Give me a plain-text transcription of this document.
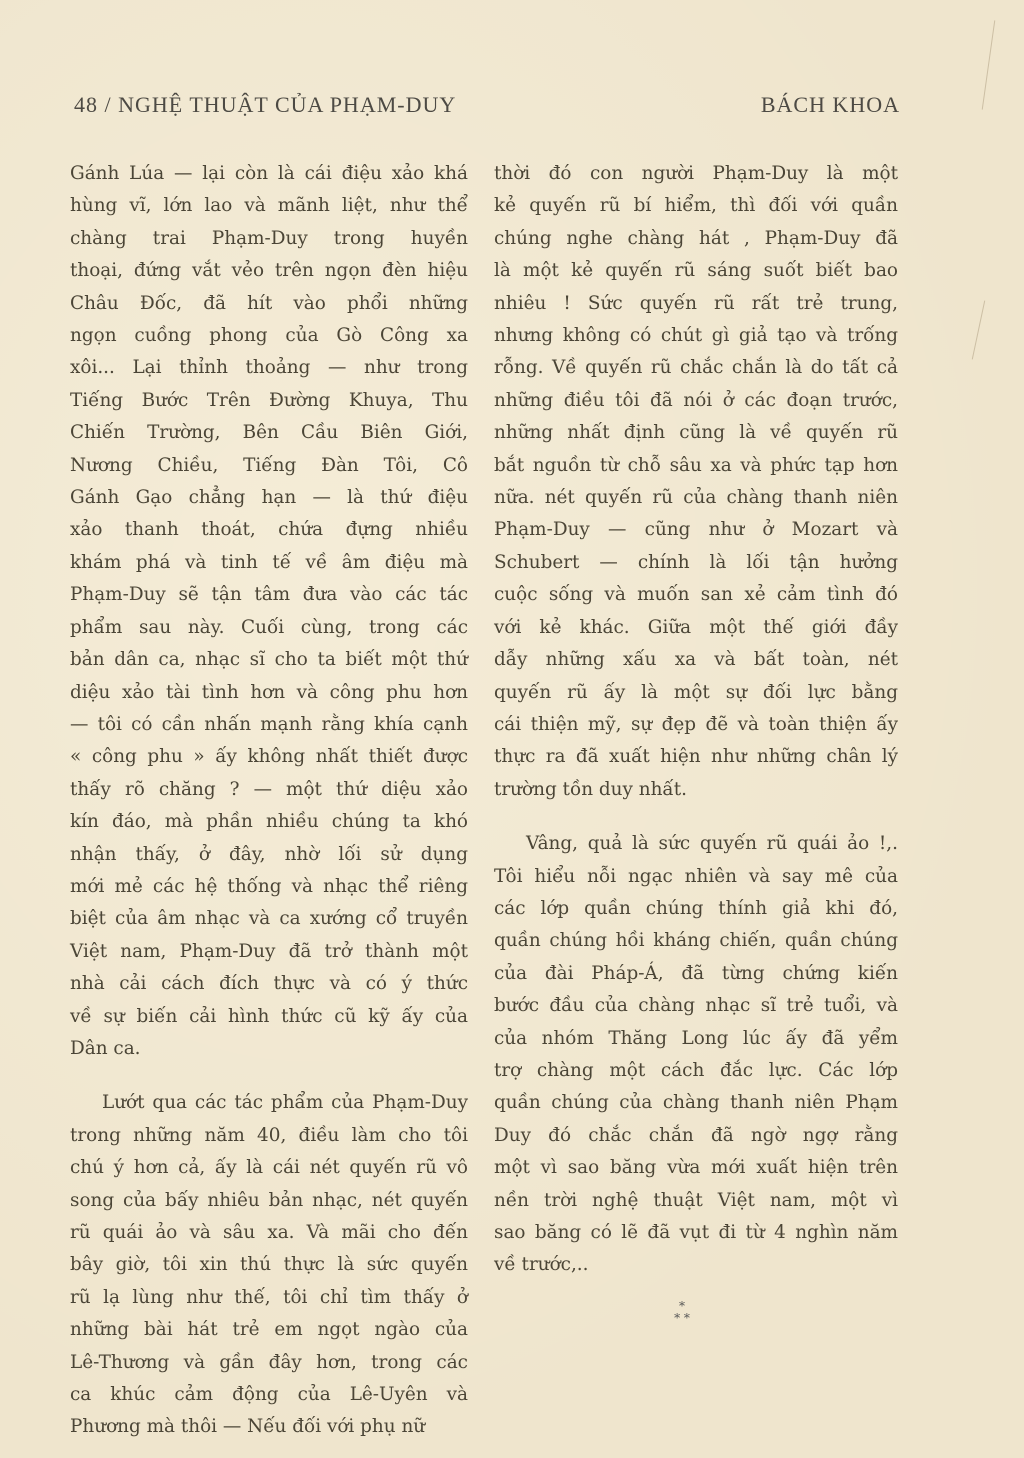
48 / NGHỆ THUẬT CỦA PHẠM-DUY	BÁCH KHOA

Gánh Lúa — lại còn là cái điệu xảo khá
hùng vĩ, lớn lao và mãnh liệt, như thể
chàng trai Phạm-Duy trong huyền
thoại, đứng vắt vẻo trên ngọn đèn hiệu
Châu Đốc, đã hít vào phổi những
ngọn cuồng phong của Gò Công xa
xôi... Lại thỉnh thoảng — như trong
Tiếng Bước Trên Đường Khuya, Thu
Chiến Trường, Bên Cầu Biên Giới,
Nương Chiều, Tiếng Đàn Tôi, Cô
Gánh Gạo chẳng hạn — là thứ điệu
xảo thanh thoát, chứa đựng nhiều
khám phá và tinh tế về âm điệu mà
Phạm-Duy sẽ tận tâm đưa vào các tác
phẩm sau này. Cuối cùng, trong các
bản dân ca, nhạc sĩ cho ta biết một thứ
diệu xảo tài tình hơn và công phu hơn
— tôi có cần nhấn mạnh rằng khía cạnh
« công phu » ấy không nhất thiết được
thấy rõ chăng ? — một thứ diệu xảo
kín đáo, mà phần nhiều chúng ta khó
nhận thấy, ở đây, nhờ lối sử dụng
mới mẻ các hệ thống và nhạc thể riêng
biệt của âm nhạc và ca xướng cổ truyền
Việt nam, Phạm-Duy đã trở thành một
nhà cải cách đích thực và có ý thức
về sự biến cải hình thức cũ kỹ ấy của
Dân ca.

Lướt qua các tác phẩm của Phạm-Duy
trong những năm 40, điều làm cho tôi
chú ý hơn cả, ấy là cái nét quyến rũ vô
song của bấy nhiêu bản nhạc, nét quyến
rũ quái ảo và sâu xa. Và mãi cho đến
bây giờ, tôi xin thú thực là sức quyến
rũ lạ lùng như thế, tôi chỉ tìm thấy ở
những bài hát trẻ em ngọt ngào của
Lê-Thương và gần đây hơn, trong các
ca khúc cảm động của Lê-Uyên và
Phương mà thôi — Nếu đối với phụ nữ

thời đó con người Phạm-Duy là một
kẻ quyến rũ bí hiểm, thì đối với quần
chúng nghe chàng hát , Phạm-Duy đã
là một kẻ quyến rũ sáng suốt biết bao
nhiêu ! Sức quyến rũ rất trẻ trung,
nhưng không có chút gì giả tạo và trống
rỗng. Về quyến rũ chắc chắn là do tất cả
những điều tôi đã nói ở các đoạn trước,
những nhất định cũng là về quyến rũ
bắt nguồn từ chỗ sâu xa và phức tạp hơn
nữa. nét quyến rũ của chàng thanh niên
Phạm-Duy — cũng như ở Mozart và
Schubert — chính là lối tận hưởng
cuộc sống và muốn san xẻ cảm tình đó
với kẻ khác. Giữa một thế giới đầy
dẫy những xấu xa và bất toàn, nét
quyến rũ ấy là một sự đối lực bằng
cái thiện mỹ, sự đẹp đẽ và toàn thiện ấy
thực ra đã xuất hiện như những chân lý
trường tồn duy nhất.

Vâng, quả là sức quyến rũ quái ảo !,.
Tôi hiểu nỗi ngạc nhiên và say mê của
các lớp quần chúng thính giả khi đó,
quần chúng hồi kháng chiến, quần chúng
của đài Pháp-Á, đã từng chứng kiến
bước đầu của chàng nhạc sĩ trẻ tuổi, và
của nhóm Thăng Long lúc ấy đã yểm
trợ chàng một cách đắc lực. Các lớp
quần chúng của chàng thanh niên Phạm
Duy đó chắc chắn đã ngờ ngợ rằng
một vì sao băng vừa mới xuất hiện trên
nền trời nghệ thuật Việt nam, một vì
sao băng có lẽ đã vụt đi từ 4 nghìn năm
về trước,..

*
* *
